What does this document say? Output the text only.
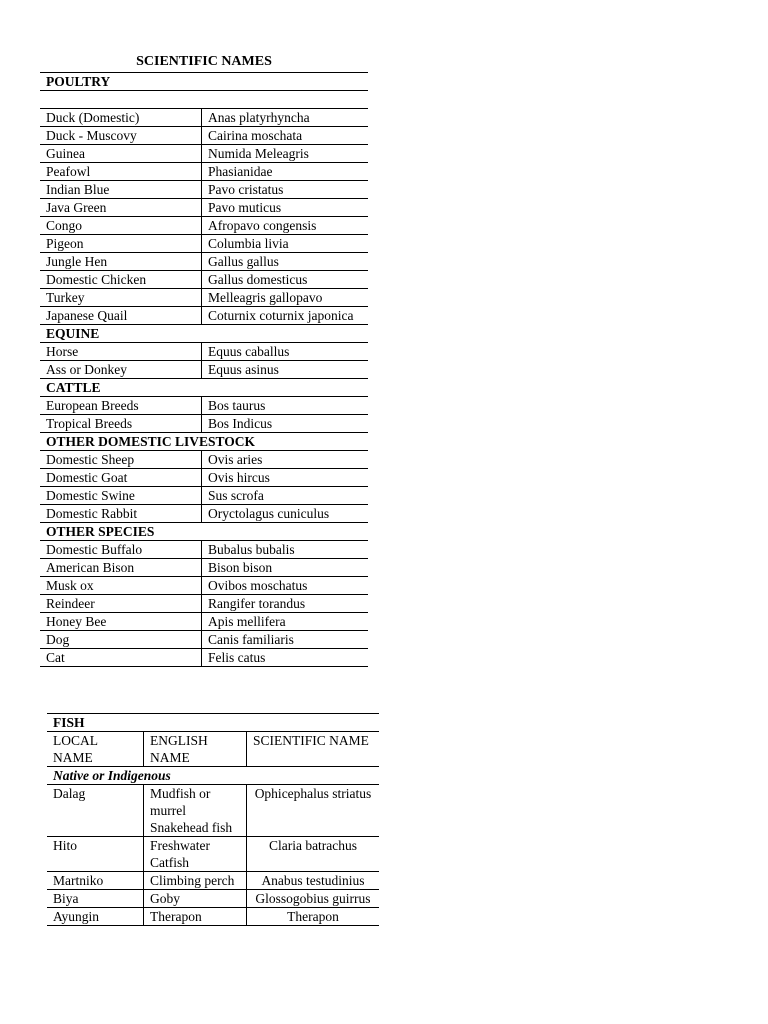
SCIENTIFIC NAMES
POULTRY	

Duck (Domestic)	Anas platyrhyncha
Duck - Muscovy	Cairina moschata
Guinea	Numida Meleagris
Peafowl	Phasianidae
Indian Blue	Pavo cristatus
Java Green	Pavo muticus
Congo	Afropavo congensis
Pigeon	Columbia livia
Jungle Hen	Gallus gallus
Domestic Chicken	Gallus domesticus
Turkey	Melleagris gallopavo
Japanese Quail	Coturnix coturnix japonica
EQUINE	
Horse	Equus caballus
Ass or Donkey	Equus asinus
CATTLE	
European Breeds	Bos taurus
Tropical Breeds	Bos Indicus
OTHER DOMESTIC LIVESTOCK	
Domestic Sheep	Ovis aries
Domestic Goat	Ovis hircus
Domestic Swine	Sus scrofa
Domestic Rabbit	Oryctolagus cuniculus
OTHER SPECIES	
Domestic Buffalo	Bubalus bubalis
American Bison	Bison bison
Musk ox	Ovibos moschatus
Reindeer	Rangifer torandus
Honey Bee	Apis mellifera
Dog	Canis familiaris
Cat	Felis catus
FISH		
LOCAL NAME	ENGLISH NAME	SCIENTIFIC NAME
Native or Indigenous		
Dalag	Mudfish or murrel Snakehead fish	Ophicephalus striatus
Hito	Freshwater Catfish	Claria batrachus
Martniko	Climbing perch	Anabus testudinius
Biya	Goby	Glossogobius guirrus
Ayungin	Therapon	Therapon
